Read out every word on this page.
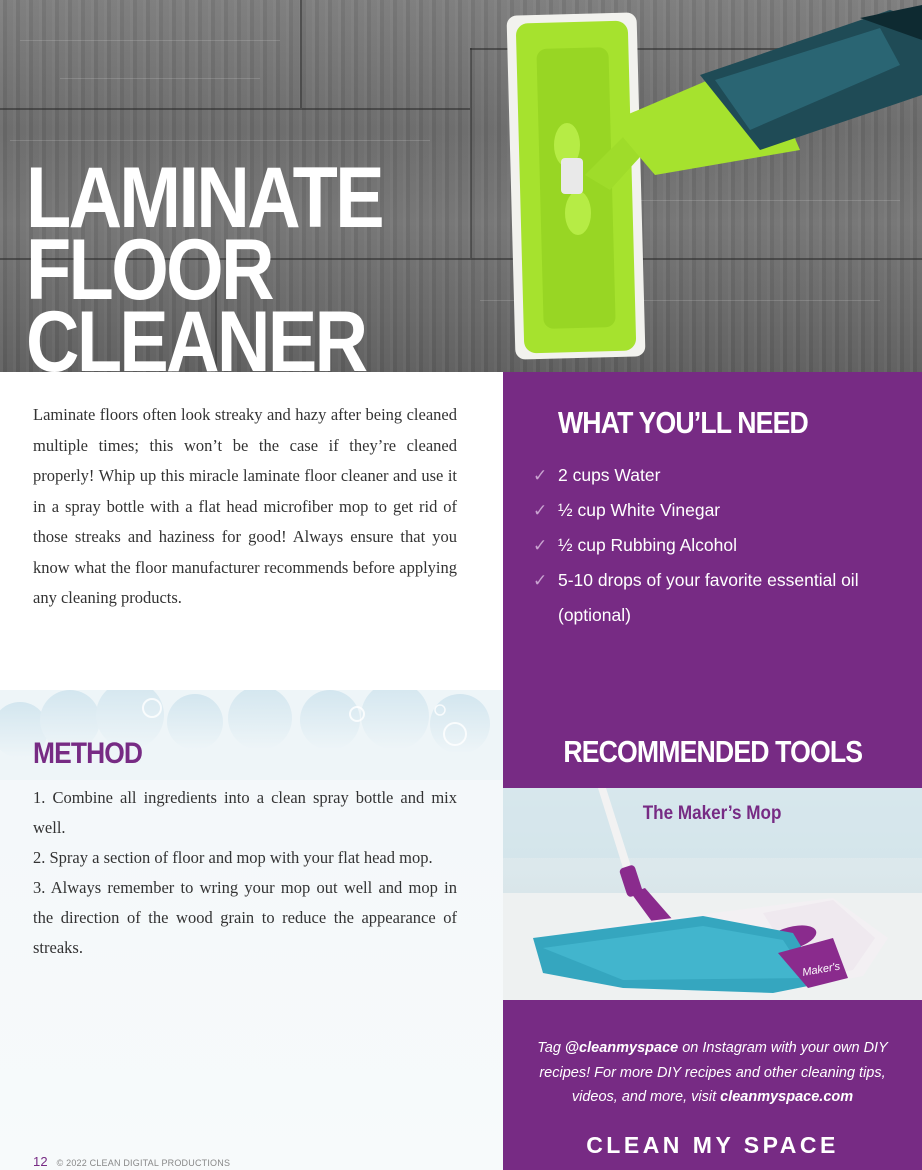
LAMINATE
FLOOR
CLEANER

Laminate floors often look streaky and hazy after being cleaned multiple times; this won’t be the case if they’re cleaned properly! Whip up this miracle laminate floor cleaner and use it in a spray bottle with a flat head microfiber mop to get rid of those streaks and haziness for good! Always ensure that you know what the floor manufacturer recommends before applying any cleaning products.

METHOD
1. Combine all ingredients into a clean spray bottle and mix well.
2. Spray a section of floor and mop with your flat head mop.
3. Always remember to wring your mop out well and mop in the direction of the wood grain to reduce the appearance of streaks.
12 © 2022 CLEAN DIGITAL PRODUCTIONS
WHAT YOU’LL NEED
✓ 2 cups Water
✓ ½ cup White Vinegar
✓ ½ cup Rubbing Alcohol
✓ 5-10 drops of your favorite essential oil (optional)
RECOMMENDED TOOLS
Maker's
The Maker’s Mop

Tag @cleanmyspace on Instagram with your own DIY recipes! For more DIY recipes and other cleaning tips, videos, and more, visit cleanmyspace.com

CLEAN MY SPACE
